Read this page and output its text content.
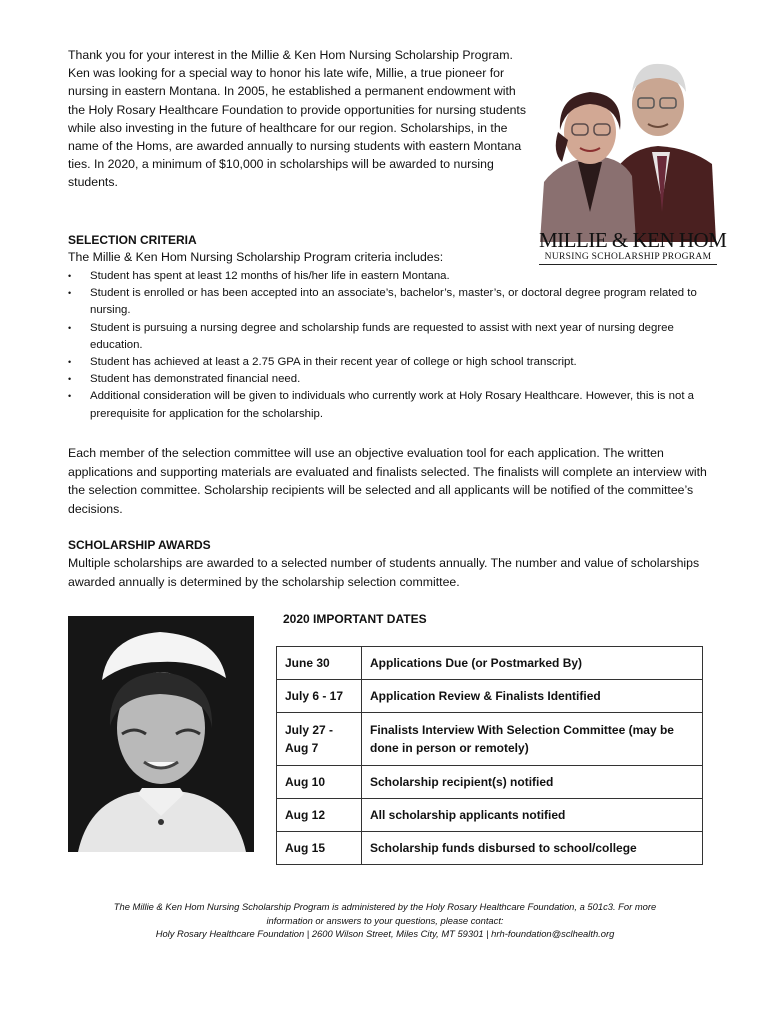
Thank you for your interest in the Millie & Ken Hom Nursing Scholarship Program. Ken was looking for a special way to honor his late wife, Millie, a true pioneer for nursing in eastern Montana. In 2005, he established a permanent endowment with the Holy Rosary Healthcare Foundation to provide opportunities for nursing students while also investing in the future of healthcare for our region. Scholarships, in the name of the Homs, are awarded annually to nursing students with eastern Montana ties. In 2020, a minimum of $10,000 in scholarships will be awarded to nursing students.

MILLIE & KEN HOM
NURSING SCHOLARSHIP PROGRAM

SELECTION CRITERIA

The Millie & Ken Hom Nursing Scholarship Program criteria includes:

• Student has spent at least 12 months of his/her life in eastern Montana.
• Student is enrolled or has been accepted into an associate’s, bachelor’s, master’s, or doctoral degree program related to nursing.
• Student is pursuing a nursing degree and scholarship funds are requested to assist with next year of nursing degree education.
• Student has achieved at least a 2.75 GPA in their recent year of college or high school transcript.
• Student has demonstrated financial need.
• Additional consideration will be given to individuals who currently work at Holy Rosary Healthcare. However, this is not a prerequisite for application for the scholarship.

Each member of the selection committee will use an objective evaluation tool for each application. The written applications and supporting materials are evaluated and finalists selected. The finalists will complete an interview with the selection committee. Scholarship recipients will be selected and all applicants will be notified of the committee’s decisions.

SCHOLARSHIP AWARDS

Multiple scholarships are awarded to a selected number of students annually. The number and value of scholarships awarded annually is determined by the scholarship selection committee.

2020 IMPORTANT DATES

June 30	Applications Due (or Postmarked By)
July 6 - 17	Application Review & Finalists Identified
July 27 - Aug 7	Finalists Interview With Selection Committee (may be done in person or remotely)
Aug 10	Scholarship recipient(s) notified
Aug 12	All scholarship applicants notified
Aug 15	Scholarship funds disbursed to school/college
The Millie & Ken Hom Nursing Scholarship Program is administered by the Holy Rosary Healthcare Foundation, a 501c3. For more
information or answers to your questions, please contact:
Holy Rosary Healthcare Foundation | 2600 Wilson Street, Miles City, MT 59301 | hrh-foundation@sclhealth.org
